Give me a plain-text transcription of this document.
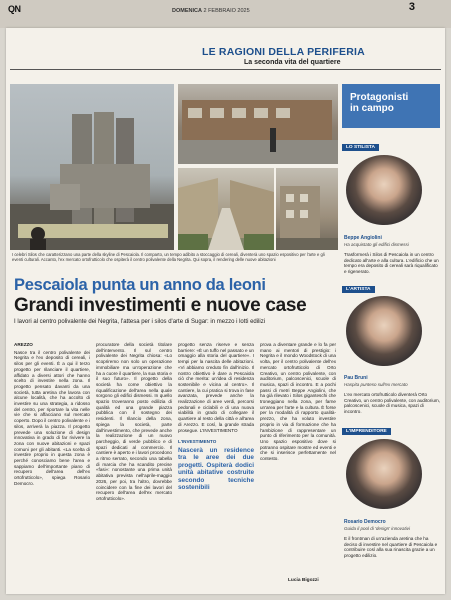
QN	DOMENICA 2 FEBBRAIO 2025	3
LE RAGIONI DELLA PERIFERIA
La seconda vita del quartiere
I celebri Silos che caratterizzano una parte della skyline di Pescaiola. Il comparto, un tempo adibito a stoccaggio di cereali, diventerà uno spazio espositivo per l'arte e gli eventi culturali. Accanto, l'ex mercato ortofrutticolo che ospiterà il centro polivalente della Negrita. Qui sopra, il rendering delle nuove abitazioni
Protagonisti in campo
LO STILISTA
Beppe Angiolini
Ha acquistato gli edifici dismessi
Trasformerà i Silos di Pescaiola in un centro dedicato all'arte e alla cultura. L'edificio che un tempo era deposito di cereali sarà riqualificato e rigenerato.
L'ARTISTA
Pau Bruni
Haspita punteso sull'ex mercato
L'ex mercato ortofrutticolo diventerà Orto Creativo, un centro polivalente, con auditorium, palcoscenici, scuole di musica, spazi di incontro.
L'IMPRENDITORE
Rosario Democro
Guida il pool di 'design' innovativi
E il frontman di un'azienda aretina che ha deciso di investire nel quartiere di Pescaiola e contribuire così alla sua rinascita grazie a un progetto edilizio.
Pescaiola punta un anno da leoni
Grandi investimenti e nuove case
I lavori al centro polivalente dei Negrita, l'attesa per i silos d'arte di Sugar: in mezzo i lotti edilizi
AREZZO
Nasce tra il centro polivalente dei Negrita e l'ex deposito di cereali, i silos per gli eventi. È a qui il terzo progetto per rilanciare il quartiere, affidato a diversi attori che hanno scelto di investire nella zona. Il progetto pensato davanti da una società, tutta aretina che lavora con alcune località, che ha accolto di investire su una strategia, a ridosso del centro, per riportare la vita nelle vie che si affacciano sul mercato coperto. Dopo il centro polivalente e i silos, arriverà la piazza. Il progetto prevede una soluzione di design innovativa in grado di far rivivere la zona con nuove abitazioni e spazi comuni per gli abitanti. «La scelta di investire proprio in questa zona è perché conosciamo bene l'area e sappiamo dell'importante piano di recupero dell'area dell'ex ortofrutticolo», spiega Rosario Democro.
procuratore della società titolare dell'intervento. Il sul centro polivalente dei Negrita chiosa: «Lo scopriremo non solo un operazione immobiliare ma un'operazione che ha a cuore il quartiere, la sua storia e il suo futuro». Il progetto della società ha come obiettivo la riqualificazione dell'area nella quale sorgono gli edifici dismessi. In quello spazio troveranno posto edilizia di qualità ed una grande piazza pubblica con il sostegno dei residenti. Il rilancio della zona, spiega la società, parte dall'investimento, che prevede anche la realizzazione di un nuovo parcheggio, di verde pubblico e di spazi dedicati al commercio. Il cantiere è aperto e i lavori procedono a ritmo serrato, secondo una tabella di marcia che ha scandito precise «fasi»: nonostante una prima unità abitativa prevista nell'aprile-maggio 2026, per poi, tra l'altro, dovrebbe coincidere con la fine dei lavori del recupero dell'area dell'ex mercato ortofrutticolo».
progetto senza riserve e senza barriere: «È un tuffo nel passato e un omaggio alla storia del quartiere». I tempi per la nascita delle abitazioni. «Vi abbiamo creduto fin dall'inizio. Il nostro obiettivo è dare a Pescaiola ciò che merita: un'idea di residenza sostenibile e vicina al centro». Il cantiere, la cui pratica si trova in fase avanzata, prevede anche la realizzazione di aree verdi, percorsi pedonali e ciclabili e di una nuova viabilità in grado di collegare il quartiere al resto della città e all'area di Arezzo. E così, la grande strada prosegue. L'INVESTIMENTO
L'INVESTIMENTO
Nascerà un residence tra le aree dei due progetti. Ospiterà dodici unità abitative costruite secondo tecniche sostenibili
prova a diventare grande e lo fa per mano ai mentori di prestigio: i Negrita e il mondo Woodstock di una volta, per il centro polivalente dell'ex mercato ortofrutticolo di Orto Creativo, un centro polivalente, con auditorium, palcoscenici, scuole di musica, spazi di incontro. E a pochi passi di metri Beppe Angiolini, che ha già rilevato i Silos giganteschi che troneggiano nella zona, per farne un'area per l'arte e la cultura. È forse per la modalità di rapporto qualità-prezzo, che ha voluto investire proprio in via di formazione che ha l'ambizione di rappresentare un punto di riferimento per la comunità. Uno spazio espositivo dove si potranno ospitare mostre ed eventi e che si inserisce perfettamente nel contesto.
Lucia Bigozzi
